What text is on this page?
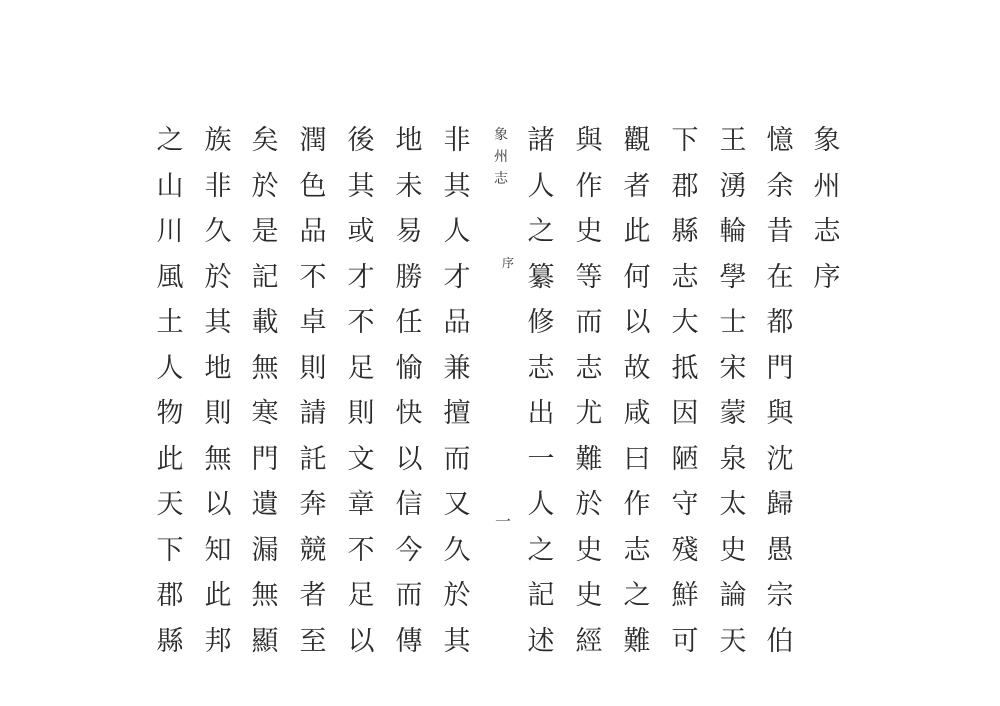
象
州
志
序
憶
余
昔
在
都
門
與
沈
歸
愚
宗
伯
王
湧
輪
學
士
宋
蒙
泉
太
史
論
天
下
郡
縣
志
大
抵
因
陋
守
殘
鮮
可
觀
者
此
何
以
故
咸
曰
作
志
之
難
與
作
史
等
而
志
尤
難
於
史
史
經
諸
人
之
纂
修
志
出
一
人
之
記
述
象
州
志
序
一
非
其
人
才
品
兼
擅
而
又
久
於
其
地
未
易
勝
任
愉
快
以
信
今
而
傳
後
其
或
才
不
足
則
文
章
不
足
以
潤
色
品
不
卓
則
請
託
奔
競
者
至
矣
於
是
記
載
無
寒
門
遺
漏
無
顯
族
非
久
於
其
地
則
無
以
知
此
邦
之
山
川
風
土
人
物
此
天
下
郡
縣
